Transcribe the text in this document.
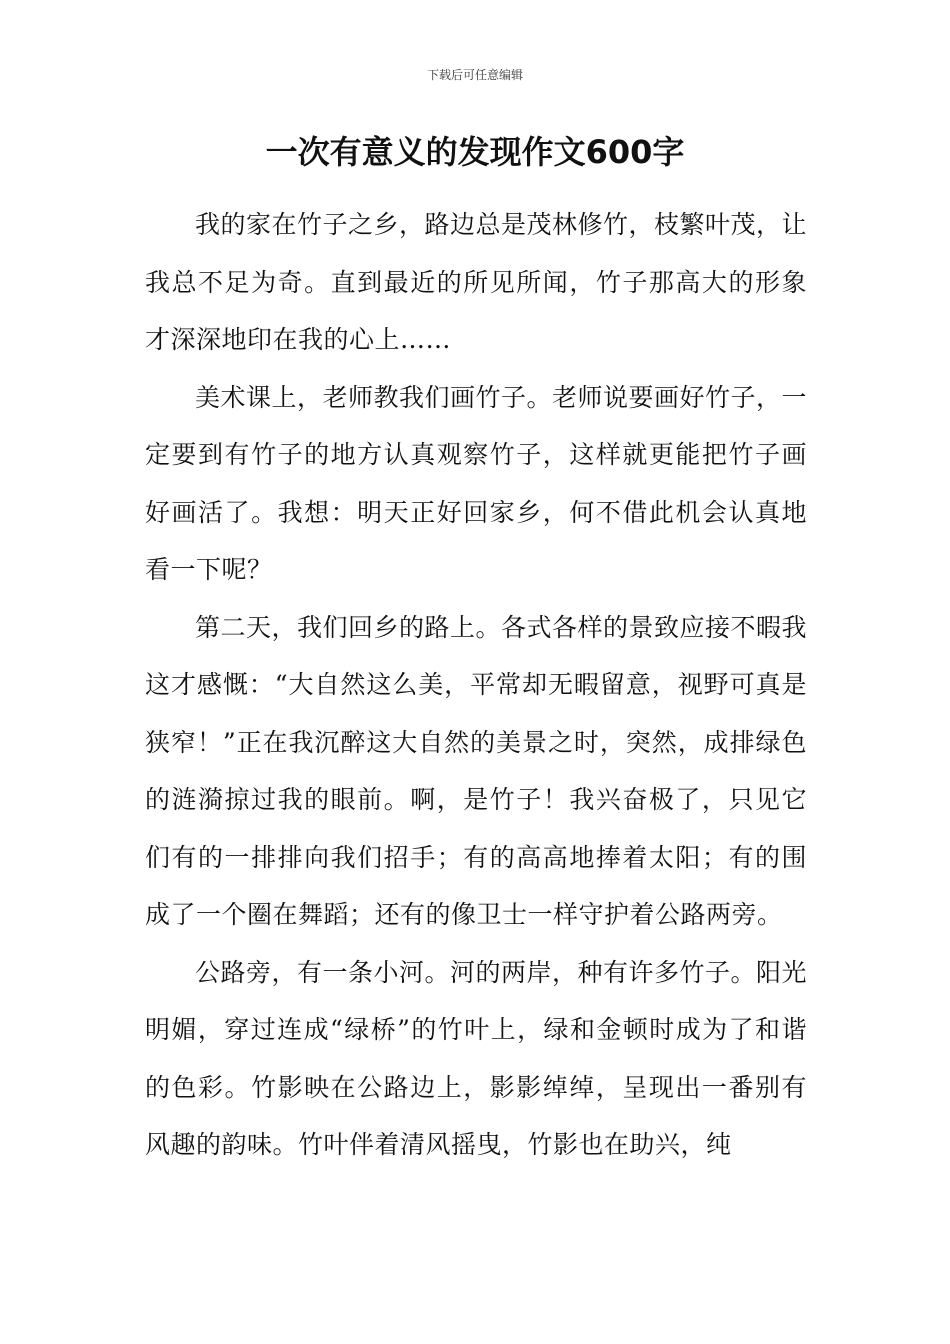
下载后可任意编辑
一次有意义的发现作文600字

我的家在竹子之乡，路边总是茂林修竹，枝繁叶茂，让我总不足为奇。直到最近的所见所闻，竹子那高大的形象才深深地印在我的心上……

美术课上，老师教我们画竹子。老师说要画好竹子，一定要到有竹子的地方认真观察竹子，这样就更能把竹子画好画活了。我想：明天正好回家乡，何不借此机会认真地看一下呢？

第二天，我们回乡的路上。各式各样的景致应接不暇我这才感慨：“大自然这么美，平常却无暇留意，视野可真是狭窄！”正在我沉醉这大自然的美景之时，突然，成排绿色的涟漪掠过我的眼前。啊，是竹子！我兴奋极了，只见它们有的一排排向我们招手；有的高高地捧着太阳；有的围成了一个圈在舞蹈；还有的像卫士一样守护着公路两旁。

公路旁，有一条小河。河的两岸，种有许多竹子。阳光明媚，穿过连成“绿桥”的竹叶上，绿和金顿时成为了和谐的色彩。竹影映在公路边上，影影绰绰，呈现出一番别有风趣的韵味。竹叶伴着清风摇曳，竹影也在助兴，纯
